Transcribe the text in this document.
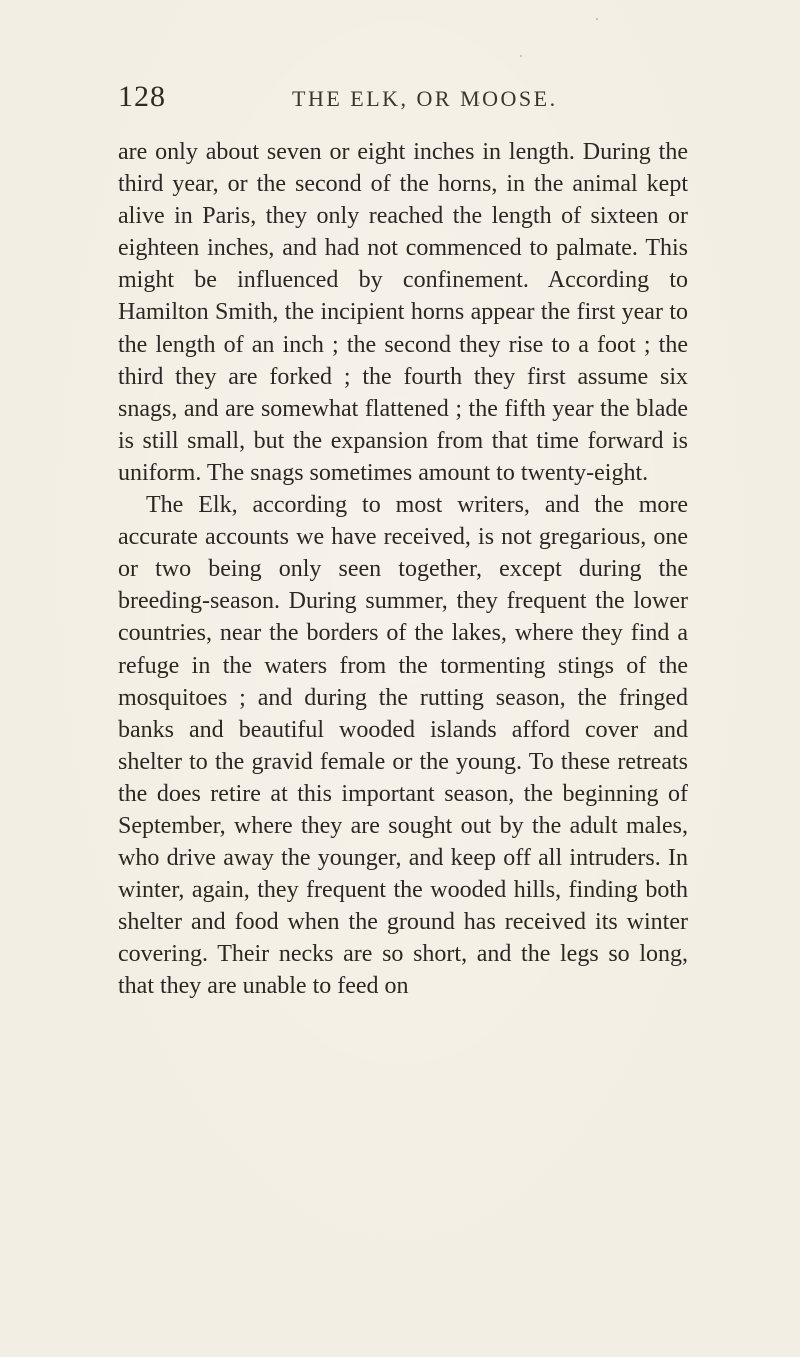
128	THE ELK, OR MOOSE.

are only about seven or eight inches in length. During the third year, or the second of the horns, in the animal kept alive in Paris, they only reached the length of sixteen or eighteen inches, and had not commenced to palmate. This might be influenced by confinement. According to Hamilton Smith, the incipient horns appear the first year to the length of an inch ; the second they rise to a foot ; the third they are forked ; the fourth they first assume six snags, and are somewhat flattened ; the fifth year the blade is still small, but the expansion from that time forward is uniform. The snags sometimes amount to twenty-eight.

The Elk, according to most writers, and the more accurate accounts we have received, is not gregarious, one or two being only seen together, except during the breeding-season. During summer, they frequent the lower countries, near the borders of the lakes, where they find a refuge in the waters from the tormenting stings of the mosquitoes ; and during the rutting season, the fringed banks and beautiful wooded islands afford cover and shelter to the gravid female or the young. To these retreats the does retire at this important season, the beginning of September, where they are sought out by the adult males, who drive away the younger, and keep off all intruders. In winter, again, they frequent the wooded hills, finding both shelter and food when the ground has received its winter covering. Their necks are so short, and the legs so long, that they are unable to feed on
